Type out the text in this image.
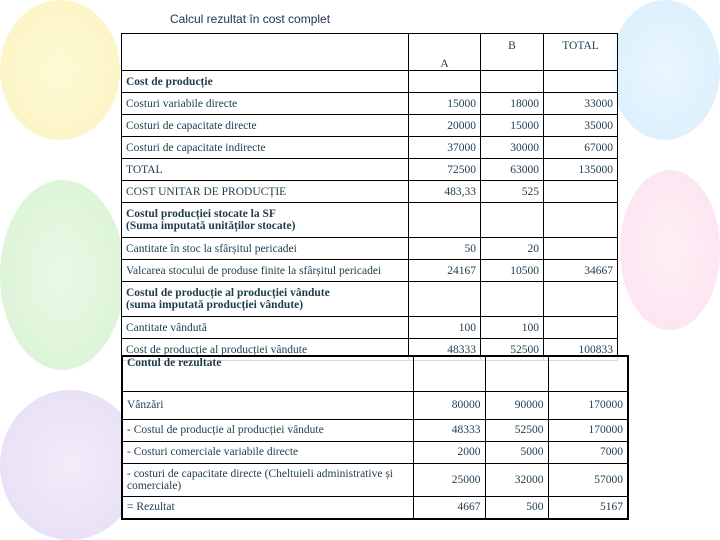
Calcul rezultat în cost complet
	A	B	TOTAL
Cost de producție			
Costuri variabile directe	15000	18000	33000
Costuri de capacitate directe	20000	15000	35000
Costuri de capacitate indirecte	37000	30000	67000
TOTAL	72500	63000	135000
COST UNITAR DE PRODUCȚIE	483,33	525	
Costul producției stocate la SF
(Suma imputată unităților stocate)			
Cantitate în stoc la sfârșitul pericadei	50	20	
Valcarea stocului de produse finite la sfârșitul pericadei	24167	10500	34667
Costul de producție al producției vândute
(suma imputată producției vândute)			
Cantitate vândută	100	100	
Cost de producție al producției vândute	48333	52500	100833
Contul de rezultate			
Vânzări	80000	90000	170000
- Costul de producție al producției vândute	48333	52500	170000
- Costuri comerciale variabile directe	2000	5000	7000
- costuri de capacitate directe (Cheltuieli administrative și comerciale)	25000	32000	57000
= Rezultat	4667	500	5167
